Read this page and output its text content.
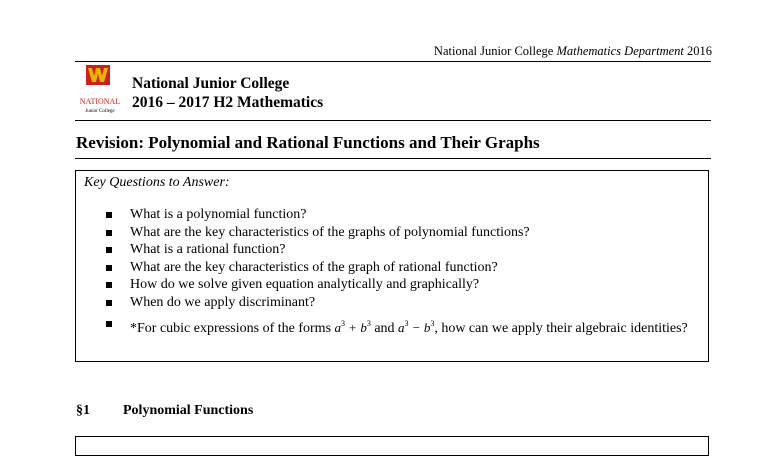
National Junior College Mathematics Department 2016
NATIONAL
Junior College
National Junior College
2016 – 2017 H2 Mathematics
Revision: Polynomial and Rational Functions and Their Graphs
Key Questions to Answer:
What is a polynomial function?
What are the key characteristics of the graphs of polynomial functions?
What is a rational function?
What are the key characteristics of the graph of rational function?
How do we solve given equation analytically and graphically?
When do we apply discriminant?
*For cubic expressions of the forms $a^3 + b^3$ and $a^3 - b^3$, how can we apply their algebraic identities?
§1 Polynomial Functions
